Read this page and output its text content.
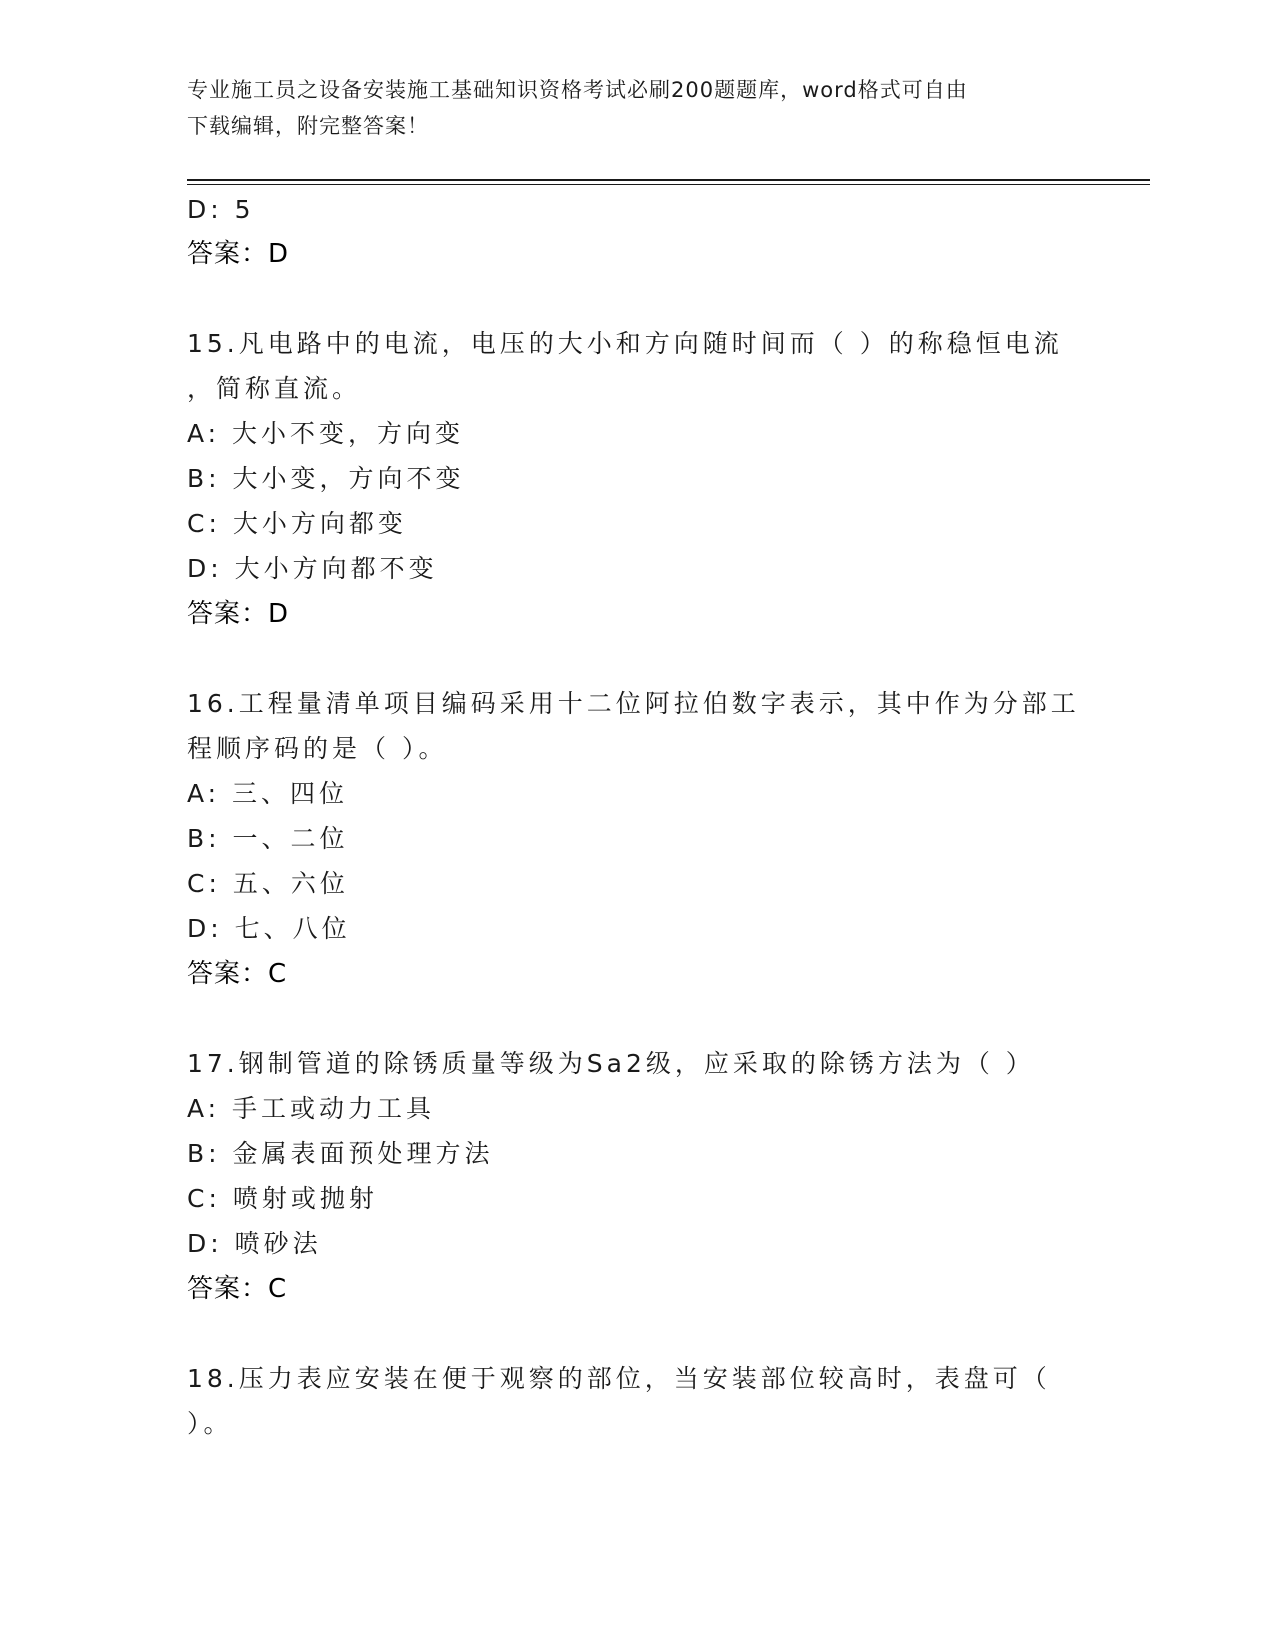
专业施工员之设备安装施工基础知识资格考试必刷200题题库，word格式可自由
下载编辑，附完整答案！
D: 5
答案：D
15.凡电路中的电流，电压的大小和方向随时间而（ ）的称稳恒电流
，简称直流。
A: 大小不变，方向变
B: 大小变，方向不变
C: 大小方向都变
D: 大小方向都不变
答案：D
16.工程量清单项目编码采用十二位阿拉伯数字表示，其中作为分部工
程顺序码的是（ ）。
A: 三、四位
B: 一、二位
C: 五、六位
D: 七、八位
答案：C
17.钢制管道的除锈质量等级为Sa2级，应采取的除锈方法为（ ）
A: 手工或动力工具
B: 金属表面预处理方法
C: 喷射或抛射
D: 喷砂法
答案：C
18.压力表应安装在便于观察的部位，当安装部位较高时，表盘可（
）。
